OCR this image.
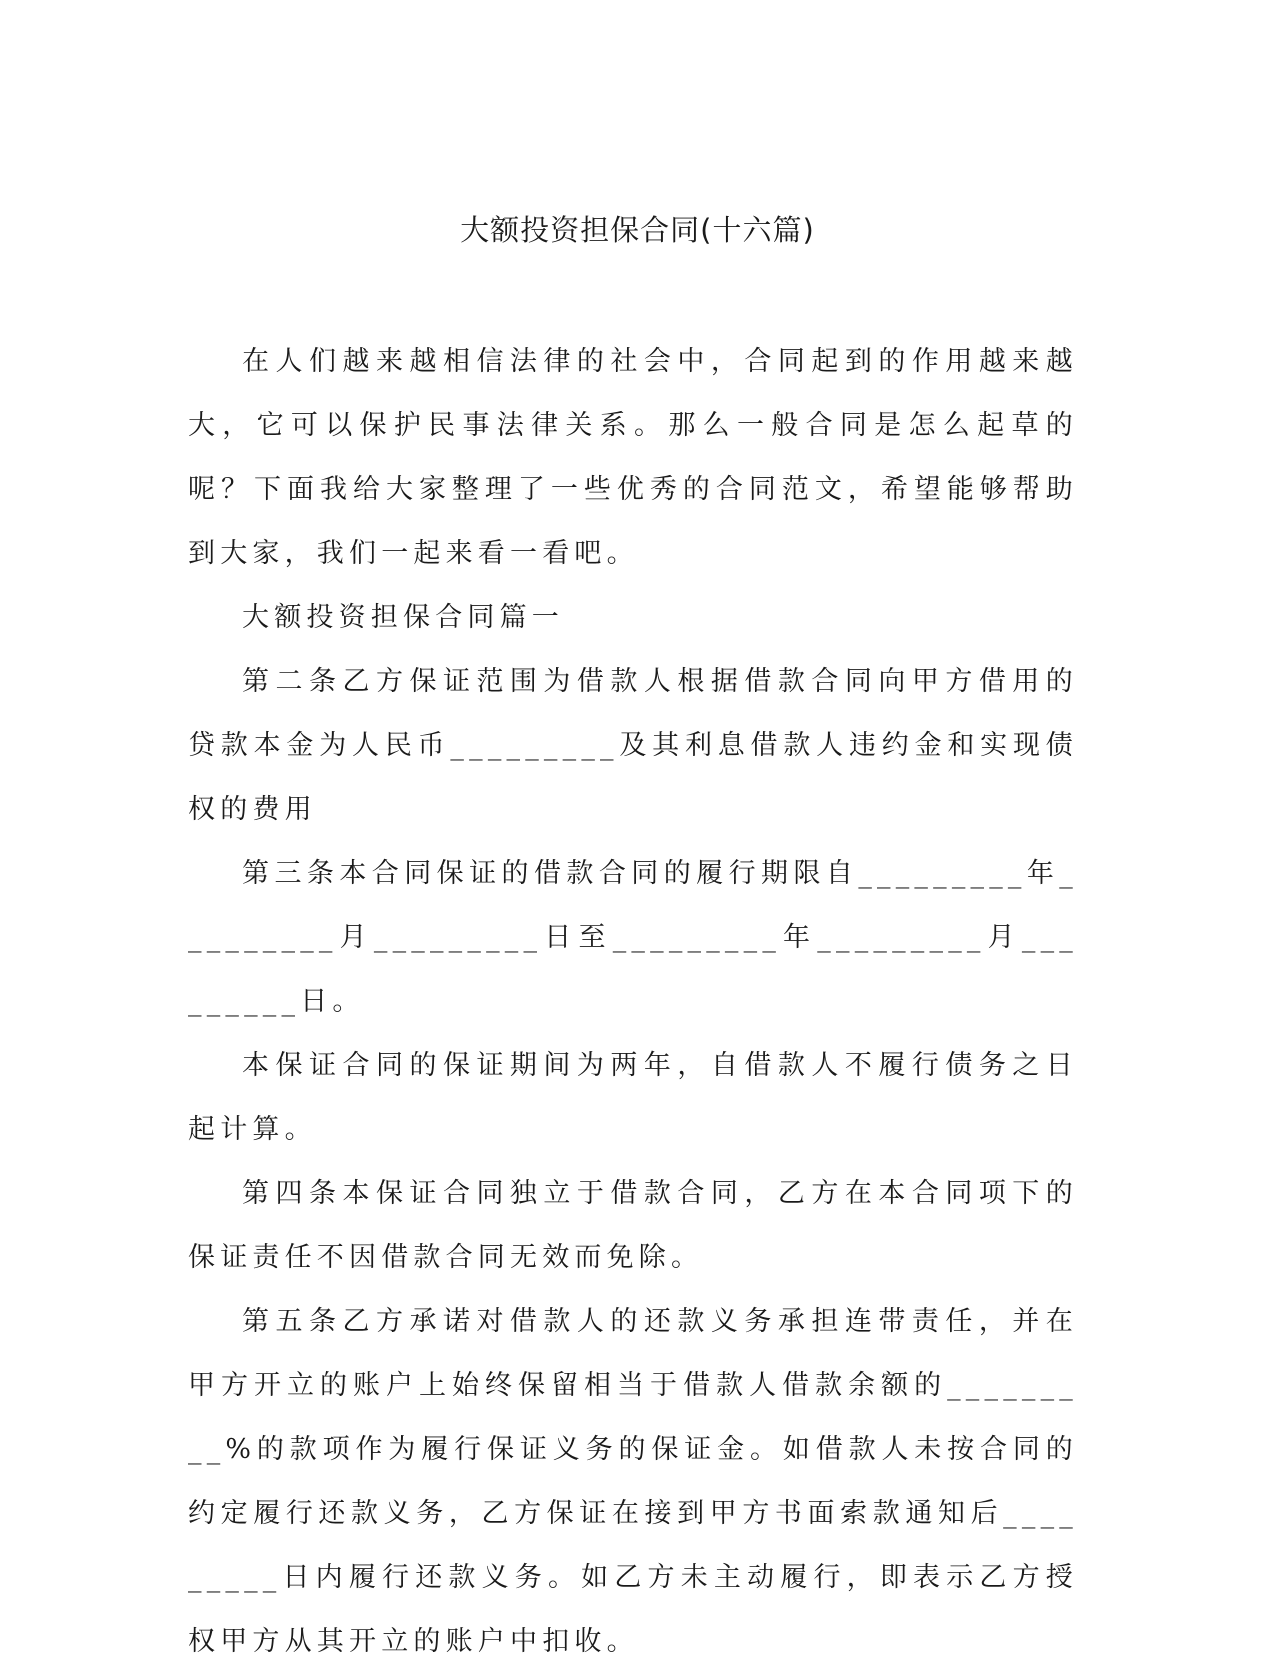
大额投资担保合同(十六篇)

在人们越来越相信法律的社会中，合同起到的作用越来越大，它可以保护民事法律关系。那么一般合同是怎么起草的呢？下面我给大家整理了一些优秀的合同范文，希望能够帮助到大家，我们一起来看一看吧。

大额投资担保合同篇一

第二条乙方保证范围为借款人根据借款合同向甲方借用的贷款本金为人民币_________及其利息借款人违约金和实现债权的费用

第三条本合同保证的借款合同的履行期限自_________年_________月_________日至_________年_________月_________日。

本保证合同的保证期间为两年，自借款人不履行债务之日起计算。

第四条本保证合同独立于借款合同，乙方在本合同项下的保证责任不因借款合同无效而免除。

第五条乙方承诺对借款人的还款义务承担连带责任，并在甲方开立的账户上始终保留相当于借款人借款余额的_________%的款项作为履行保证义务的保证金。如借款人未按合同的约定履行还款义务，乙方保证在接到甲方书面索款通知后_________日内履行还款义务。如乙方未主动履行，即表示乙方授权甲方从其开立的账户中扣收。
